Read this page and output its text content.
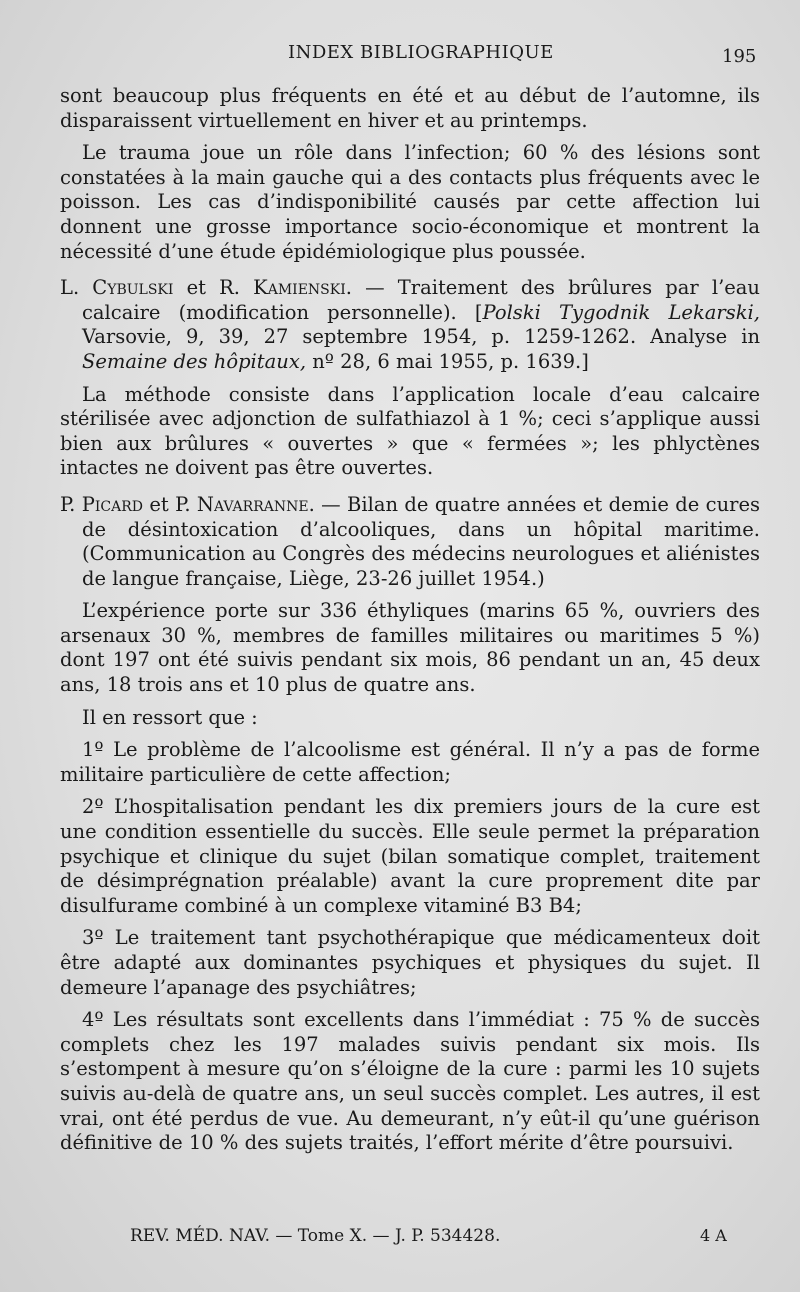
INDEX BIBLIOGRAPHIQUE	195

sont beaucoup plus fréquents en été et au début de l’automne, ils disparaissent virtuellement en hiver et au printemps.

Le trauma joue un rôle dans l’infection; 60 % des lésions sont constatées à la main gauche qui a des contacts plus fréquents avec le poisson. Les cas d’indisponibilité causés par cette affection lui donnent une grosse importance socio-économique et montrent la nécessité d’une étude épidémiologique plus poussée.

L. Cybulski et R. Kamienski. — Traitement des brûlures par l’eau calcaire (modification personnelle). [Polski Tygodnik Lekarski, Varsovie, 9, 39, 27 septembre 1954, p. 1259-1262. Analyse in Semaine des hôpitaux, nº 28, 6 mai 1955, p. 1639.]

La méthode consiste dans l’application locale d’eau calcaire stérilisée avec adjonction de sulfathiazol à 1 %; ceci s’applique aussi bien aux brûlures « ouvertes » que « fermées »; les phlyctènes intactes ne doivent pas être ouvertes.

P. Picard et P. Navarranne. — Bilan de quatre années et demie de cures de désintoxication d’alcooliques, dans un hôpital maritime. (Communication au Congrès des médecins neurologues et aliénistes de langue française, Liège, 23-26 juillet 1954.)

L’expérience porte sur 336 éthyliques (marins 65 %, ouvriers des arsenaux 30 %, membres de familles militaires ou maritimes 5 %) dont 197 ont été suivis pendant six mois, 86 pendant un an, 45 deux ans, 18 trois ans et 10 plus de quatre ans.

Il en ressort que :

1º Le problème de l’alcoolisme est général. Il n’y a pas de forme militaire particulière de cette affection;

2º L’hospitalisation pendant les dix premiers jours de la cure est une condition essentielle du succès. Elle seule permet la préparation psychique et clinique du sujet (bilan somatique complet, traitement de désimprégnation préalable) avant la cure proprement dite par disulfurame combiné à un complexe vitaminé B3 B4;

3º Le traitement tant psychothérapique que médicamenteux doit être adapté aux dominantes psychiques et physiques du sujet. Il demeure l’apanage des psychiâtres;

4º Les résultats sont excellents dans l’immédiat : 75 % de succès complets chez les 197 malades suivis pendant six mois. Ils s’estompent à mesure qu’on s’éloigne de la cure : parmi les 10 sujets suivis au-delà de quatre ans, un seul succès complet. Les autres, il est vrai, ont été perdus de vue. Au demeurant, n’y eût-il qu’une guérison définitive de 10 % des sujets traités, l’effort mérite d’être poursuivi.

REV. MÉD. NAV. — Tome X. — J. P. 534428.	4 A
